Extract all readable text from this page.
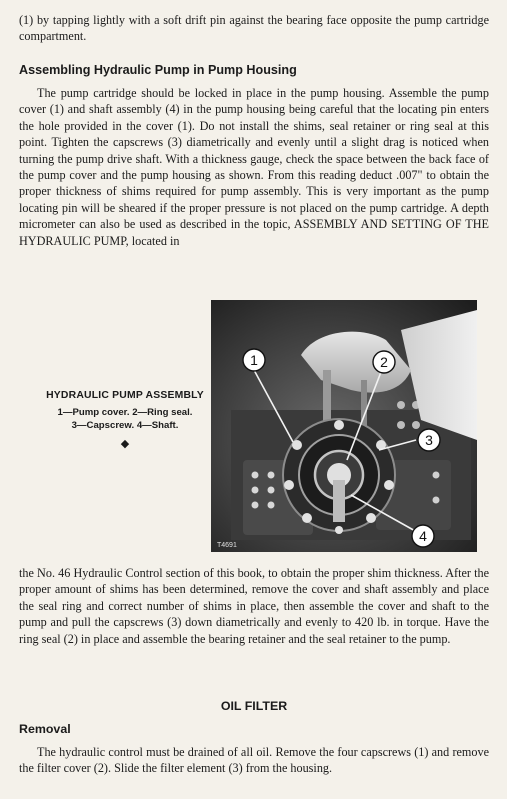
(1) by tapping lightly with a soft drift pin against the bearing face opposite the pump cartridge compartment.

Assembling Hydraulic Pump in Pump Housing

The pump cartridge should be locked in place in the pump housing. Assemble the pump cover (1) and shaft assembly (4) in the pump housing being careful that the locating pin enters the hole provided in the cover (1). Do not install the shims, seal retainer or ring seal at this point. Tighten the capscrews (3) diametrically and evenly until a slight drag is noticed when turning the pump drive shaft. With a thickness gauge, check the space between the back face of the pump cover and the pump housing as shown. From this reading deduct .007" to obtain the proper thickness of shims required for pump assembly. This is very important as the pump locating pin will be sheared if the proper pressure is not placed on the pump cartridge. A depth micrometer can also be used as described in the topic, ASSEMBLY AND SETTING OF THE HYDRAULIC PUMP, located in

HYDRAULIC PUMP ASSEMBLY
1—Pump cover. 2—Ring seal.
3—Capscrew. 4—Shaft.
◆

the No. 46 Hydraulic Control section of this book, to obtain the proper shim thickness. After the proper amount of shims has been determined, remove the cover and shaft assembly and place the seal ring and correct number of shims in place, then assemble the cover and shaft to the pump and pull the capscrews (3) down diametrically and evenly to 420 lb. in torque. Have the ring seal (2) in place and assemble the bearing retainer and the seal retainer to the pump.

OIL FILTER
Removal

The hydraulic control must be drained of all oil. Remove the four capscrews (1) and remove the filter cover (2). Slide the filter element (3) from the housing.

1	2
3
4
T4691
